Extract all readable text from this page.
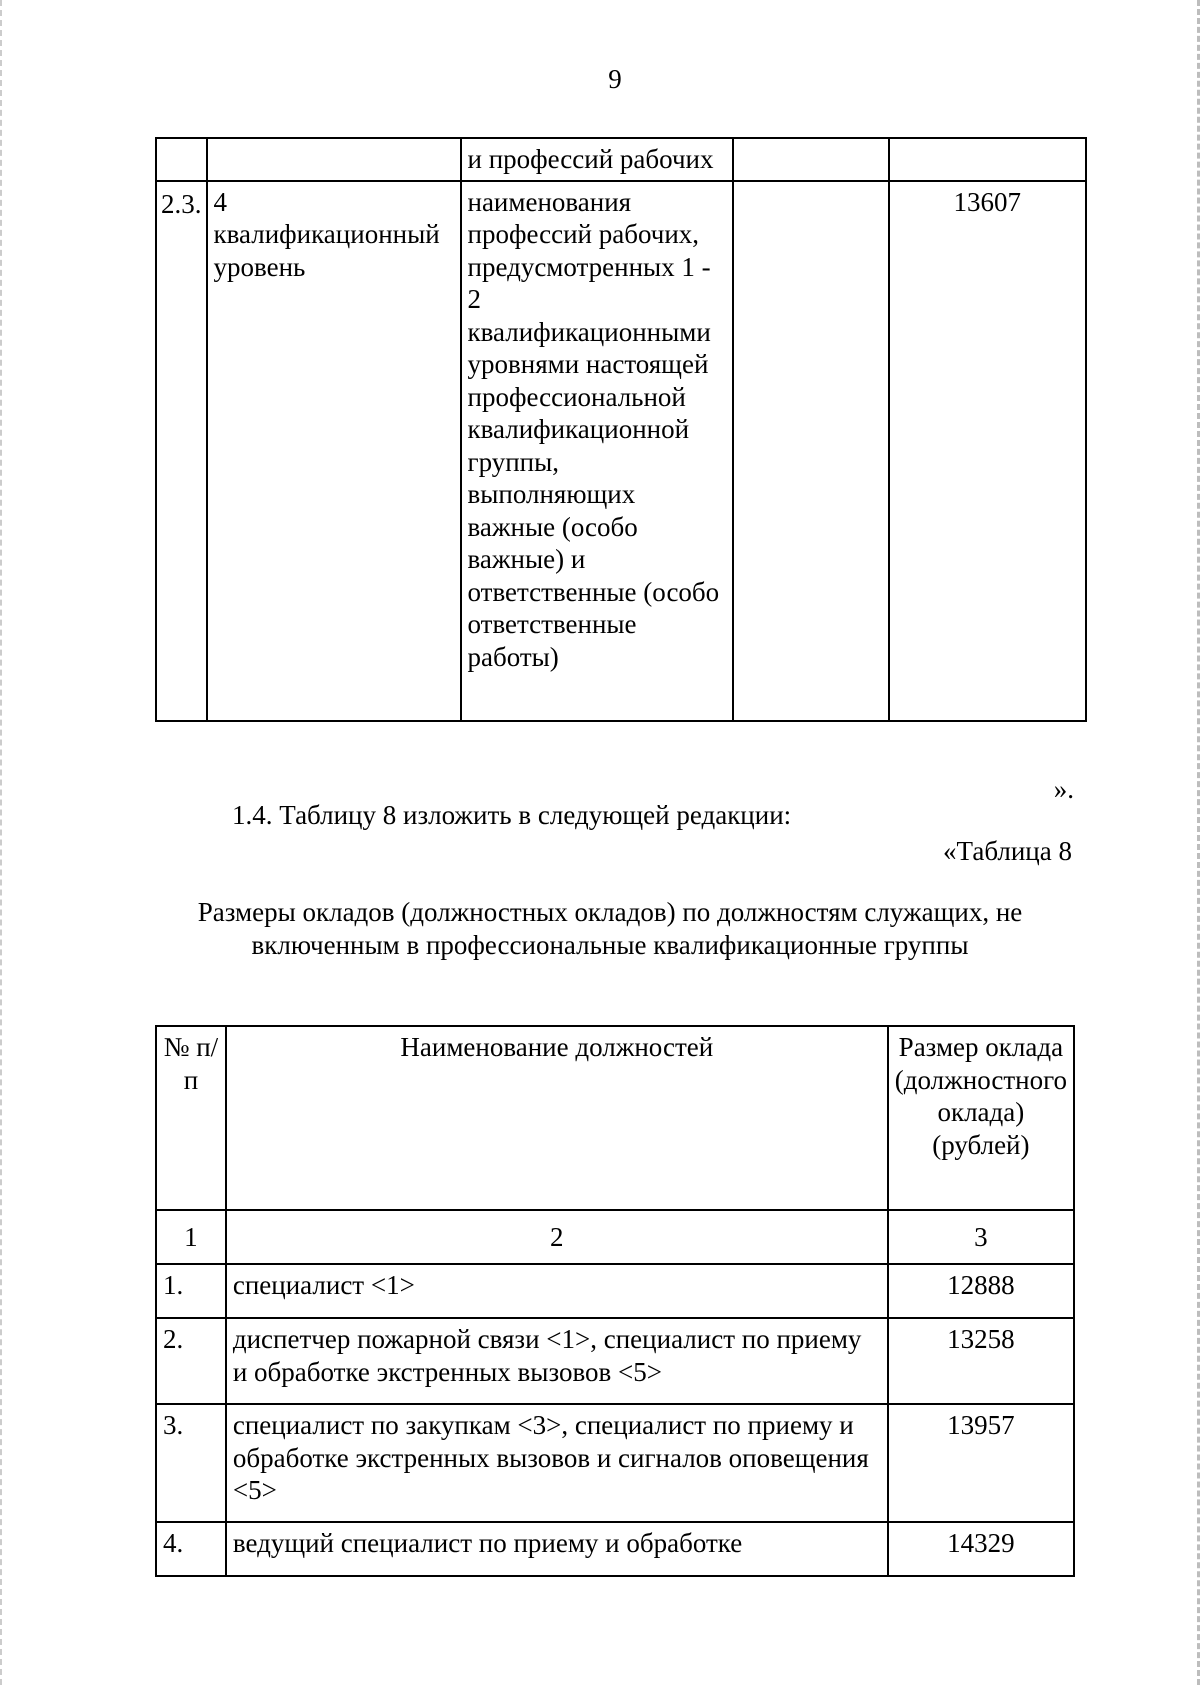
9
		и профессий рабочих		
2.3.	4 квалификационный уровень	наименования профессий рабочих, предусмотренных 1 - 2 квалификационными уровнями настоящей профессиональной квалификационной группы, выполняющих важные (особо важные) и ответственные (особо ответственные работы)		13607
».
1.4. Таблицу 8 изложить в следующей редакции:
«Таблица 8
Размеры окладов (должностных окладов) по должностям служащих, не включенным в профессиональные квалификационные группы
№ п/п	Наименование должностей	Размер оклада (должностного оклада) (рублей)
1	2	3
1.	специалист <1>	12888
2.	диспетчер пожарной связи <1>, специалист по приему и обработке экстренных вызовов <5>	13258
3.	специалист по закупкам <3>, специалист по приему и обработке экстренных вызовов и сигналов оповещения <5>	13957
4.	ведущий специалист по приему и обработке	14329
